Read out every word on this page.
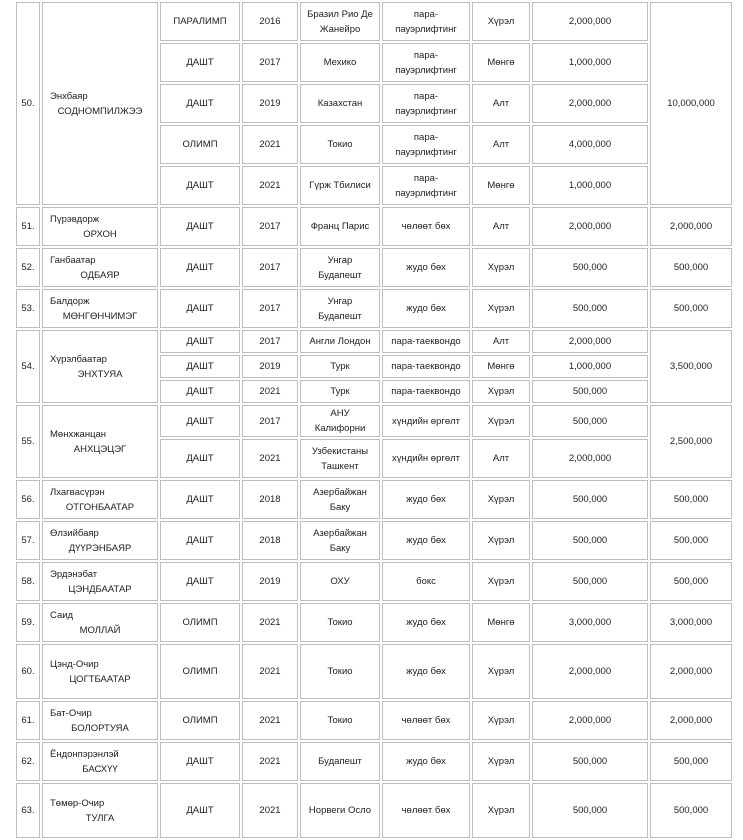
50.	Энхбаяр
СОДНОМПИЛЖЭЭ	ПАРАЛИМП	2016	Бразил Рио Де Жанейро	пара-пауэрлифтинг	Хүрэл	2,000,000	10,000,000
		ДАШТ	2017	Мехико	пара-пауэрлифтинг	Мөнгө	1,000,000	
		ДАШТ	2019	Казахстан	пара-пауэрлифтинг	Алт	2,000,000	
		ОЛИМП	2021	Токио	пара-пауэрлифтинг	Алт	4,000,000	
		ДАШТ	2021	Гүрж Тбилиси	пара-пауэрлифтинг	Мөнгө	1,000,000	
51.	Пүрэвдорж
ОРХОН	ДАШТ	2017	Франц Парис	чөлөөт бөх	Алт	2,000,000	2,000,000
52.	Ганбаатар
ОДБАЯР	ДАШТ	2017	Унгар Будапешт	жудо бөх	Хүрэл	500,000	500,000
53.	Балдорж
МӨНГӨНЧИМЭГ	ДАШТ	2017	Унгар Будапешт	жудо бөх	Хүрэл	500,000	500,000
54.	Хүрэлбаатар
ЭНХТУЯА	ДАШТ	2017	Англи Лондон	пара-таеквондо	Алт	2,000,000	3,500,000
		ДАШТ	2019	Турк	пара-таеквондо	Мөнгө	1,000,000	
		ДАШТ	2021	Турк	пара-таеквондо	Хүрэл	500,000	
55.	Мөнхжанцан
АНХЦЭЦЭГ	ДАШТ	2017	АНУ Калифорни	хүндийн өргөлт	Хүрэл	500,000	2,500,000
		ДАШТ	2021	Узбекистаны Ташкент	хүндийн өргөлт	Алт	2,000,000	
56.	Лхагвасүрэн
ОТГОНБААТАР	ДАШТ	2018	Азербайжан Баку	жудо бөх	Хүрэл	500,000	500,000
57.	Өлзийбаяр
ДҮҮРЭНБАЯР	ДАШТ	2018	Азербайжан Баку	жудо бөх	Хүрэл	500,000	500,000
58.	Эрдэнэбат
ЦЭНДБААТАР	ДАШТ	2019	ОХУ	бокс	Хүрэл	500,000	500,000
59.	Саид
МОЛЛАЙ	ОЛИМП	2021	Токио	жудо бөх	Мөнгө	3,000,000	3,000,000
60.	Цэнд-Очир
ЦОГТБААТАР	ОЛИМП	2021	Токио	жудо бөх	Хүрэл	2,000,000	2,000,000
61.	Бат-Очир
БОЛОРТУЯА	ОЛИМП	2021	Токио	чөлөөт бөх	Хүрэл	2,000,000	2,000,000
62.	Ёндонпэрэнлэй
БАСХҮҮ	ДАШТ	2021	Будапешт	жудо бөх	Хүрэл	500,000	500,000
63.	Төмөр-Очир
ТУЛГА	ДАШТ	2021	Норвеги Осло	чөлөөт бөх	Хүрэл	500,000	500,000
